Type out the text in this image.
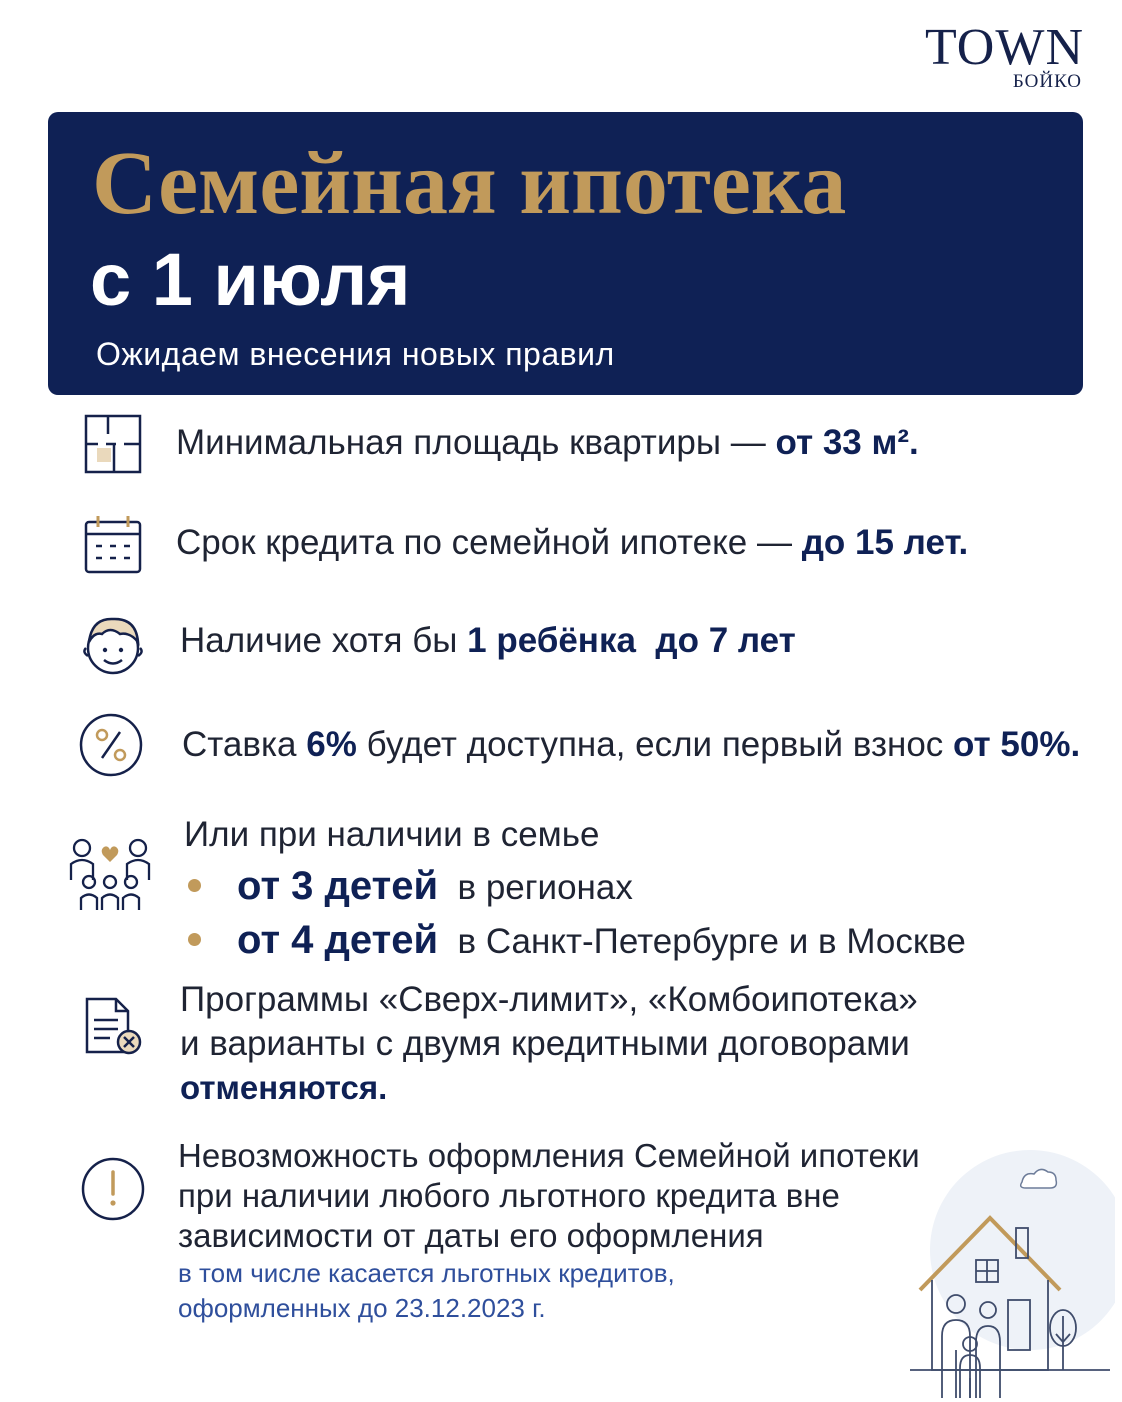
TOWN
БОЙКО
Семейная ипотека
с 1 июля
Ожидаем внесения новых правил
Минимальная площадь квартиры — от 33 м².
Срок кредита по семейной ипотеке — до 15 лет.
Наличие хотя бы 1 ребёнка до 7 лет
Ставка 6% будет доступна, если первый взнос от 50%.
Или при наличии в семье
от 3 детей в регионах
от 4 детей в Санкт-Петербурге и в Москве
Программы «Сверх-лимит», «Комбоипотека»
и варианты с двумя кредитными договорами
отменяются.
Невозможность оформления Семейной ипотеки
при наличии любого льготного кредита вне
зависимости от даты его оформления
в том числе касается льготных кредитов,
оформленных до 23.12.2023 г.
